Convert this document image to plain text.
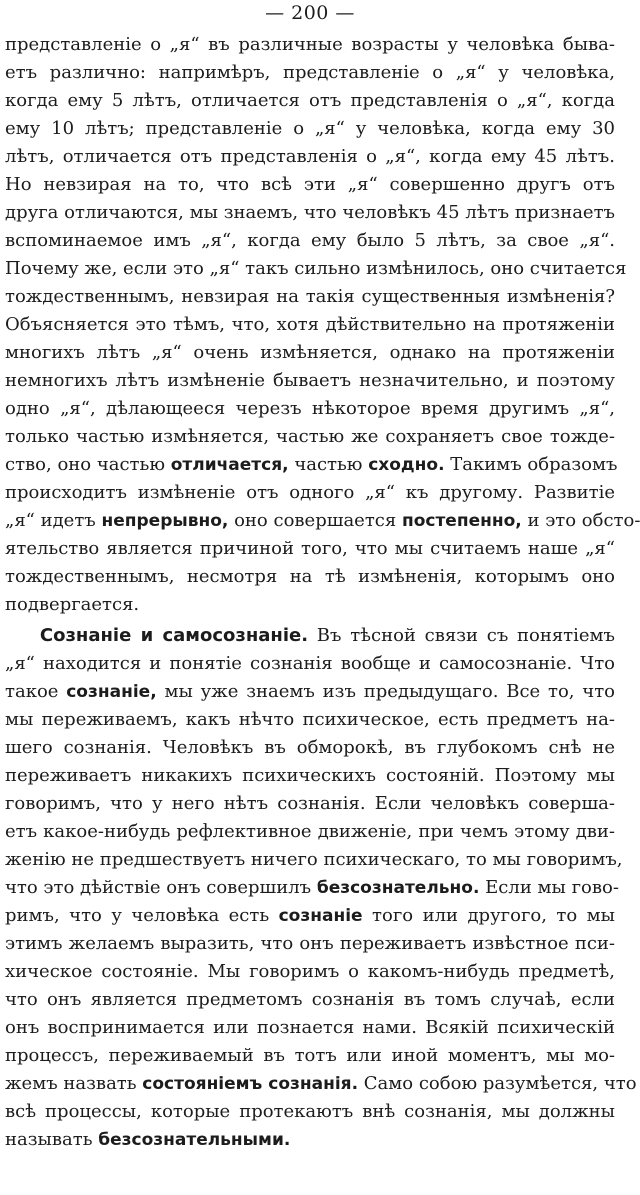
— 200 —
представленіе о „я“ въ различные возрасты у человѣка быва-
етъ различно: напримѣръ, представленіе о „я“ у человѣка,
когда ему 5 лѣтъ, отличается отъ представленія о „я“, когда
ему 10 лѣтъ; представленіе о „я“ у человѣка, когда ему 30
лѣтъ, отличается отъ представленія о „я“, когда ему 45 лѣтъ.
Но невзирая на то, что всѣ эти „я“ совершенно другъ отъ
друга отличаются, мы знаемъ, что человѣкъ 45 лѣтъ признаетъ
вспоминаемое имъ „я“, когда ему было 5 лѣтъ, за свое „я“.
Почему же, если это „я“ такъ сильно измѣнилось, оно считается
тождественнымъ, невзирая на такія существенныя измѣненія?
Объясняется это тѣмъ, что, хотя дѣйствительно на протяженіи
многихъ лѣтъ „я“ очень измѣняется, однако на протяженіи
немногихъ лѣтъ измѣненіе бываетъ незначительно, и поэтому
одно „я“, дѣлающееся черезъ нѣкоторое время другимъ „я“,
только частью измѣняется, частью же сохраняетъ свое тожде-
ство, оно частью отличается, частью сходно. Такимъ образомъ
происходитъ измѣненіе отъ одного „я“ къ другому. Развитіе
„я“ идетъ непрерывно, оно совершается постепенно, и это обсто-
ятельство является причиной того, что мы считаемъ наше „я“
тождественнымъ, несмотря на тѣ измѣненія, которымъ оно
подвергается.
Сознаніе и самосознаніе. Въ тѣсной связи съ понятіемъ
„я“ находится и понятіе сознанія вообще и самосознаніе. Что
такое сознаніе, мы уже знаемъ изъ предыдущаго. Все то, что
мы переживаемъ, какъ нѣчто психическое, есть предметъ на-
шего сознанія. Человѣкъ въ обморокѣ, въ глубокомъ снѣ не
переживаетъ никакихъ психическихъ состояній. Поэтому мы
говоримъ, что у него нѣтъ сознанія. Если человѣкъ соверша-
етъ какое-нибудь рефлективное движеніе, при чемъ этому дви-
женію не предшествуетъ ничего психическаго, то мы говоримъ,
что это дѣйствіе онъ совершилъ безсознательно. Если мы гово-
римъ, что у человѣка есть сознаніе того или другого, то мы
этимъ желаемъ выразить, что онъ переживаетъ извѣстное пси-
хическое состояніе. Мы говоримъ о какомъ-нибудь предметѣ,
что онъ является предметомъ сознанія въ томъ случаѣ, если
онъ воспринимается или познается нами. Всякій психическій
процессъ, переживаемый въ тотъ или иной моментъ, мы мо-
жемъ назвать состояніемъ сознанія. Само собою разумѣется, что
всѣ процессы, которые протекаютъ внѣ сознанія, мы должны
называть безсознательными.
